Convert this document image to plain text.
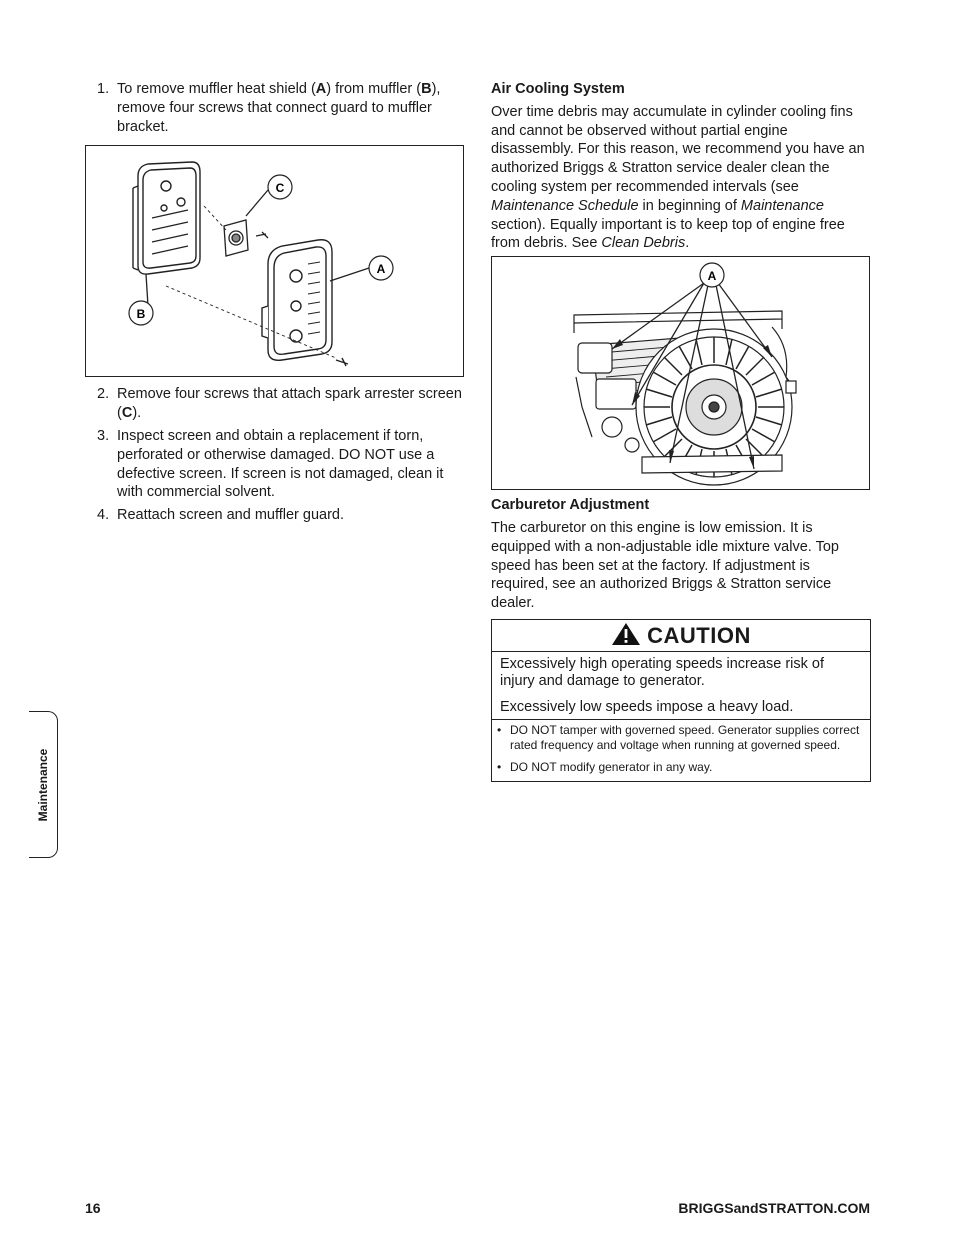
1. To remove muffler heat shield (A) from muffler (B), remove four screws that connect guard to muffler bracket.
C
A
B
2. Remove four screws that attach spark arrester screen (C).
3. Inspect screen and obtain a replacement if torn, perforated or otherwise damaged. DO NOT use a defective screen. If screen is not damaged, clean it with commercial solvent.
4. Reattach screen and muffler guard.
Air Cooling System

Over time debris may accumulate in cylinder cooling fins and cannot be observed without partial engine disassembly. For this reason, we recommend you have an authorized Briggs & Stratton service dealer clean the cooling system per recommended intervals (see Maintenance Schedule in beginning of Maintenance section). Equally important is to keep top of engine free from debris. See Clean Debris.

A
Carburetor Adjustment

The carburetor on this engine is low emission. It is equipped with a non-adjustable idle mixture valve. Top speed has been set at the factory. If adjustment is required, see an authorized Briggs & Stratton service dealer.

CAUTION

Excessively high operating speeds increase risk of injury and damage to generator.

Excessively low speeds impose a heavy load.

• DO NOT tamper with governed speed. Generator supplies correct rated frequency and voltage when running at governed speed.
• DO NOT modify generator in any way.
Maintenance
16	BRIGGSandSTRATTON.COM
